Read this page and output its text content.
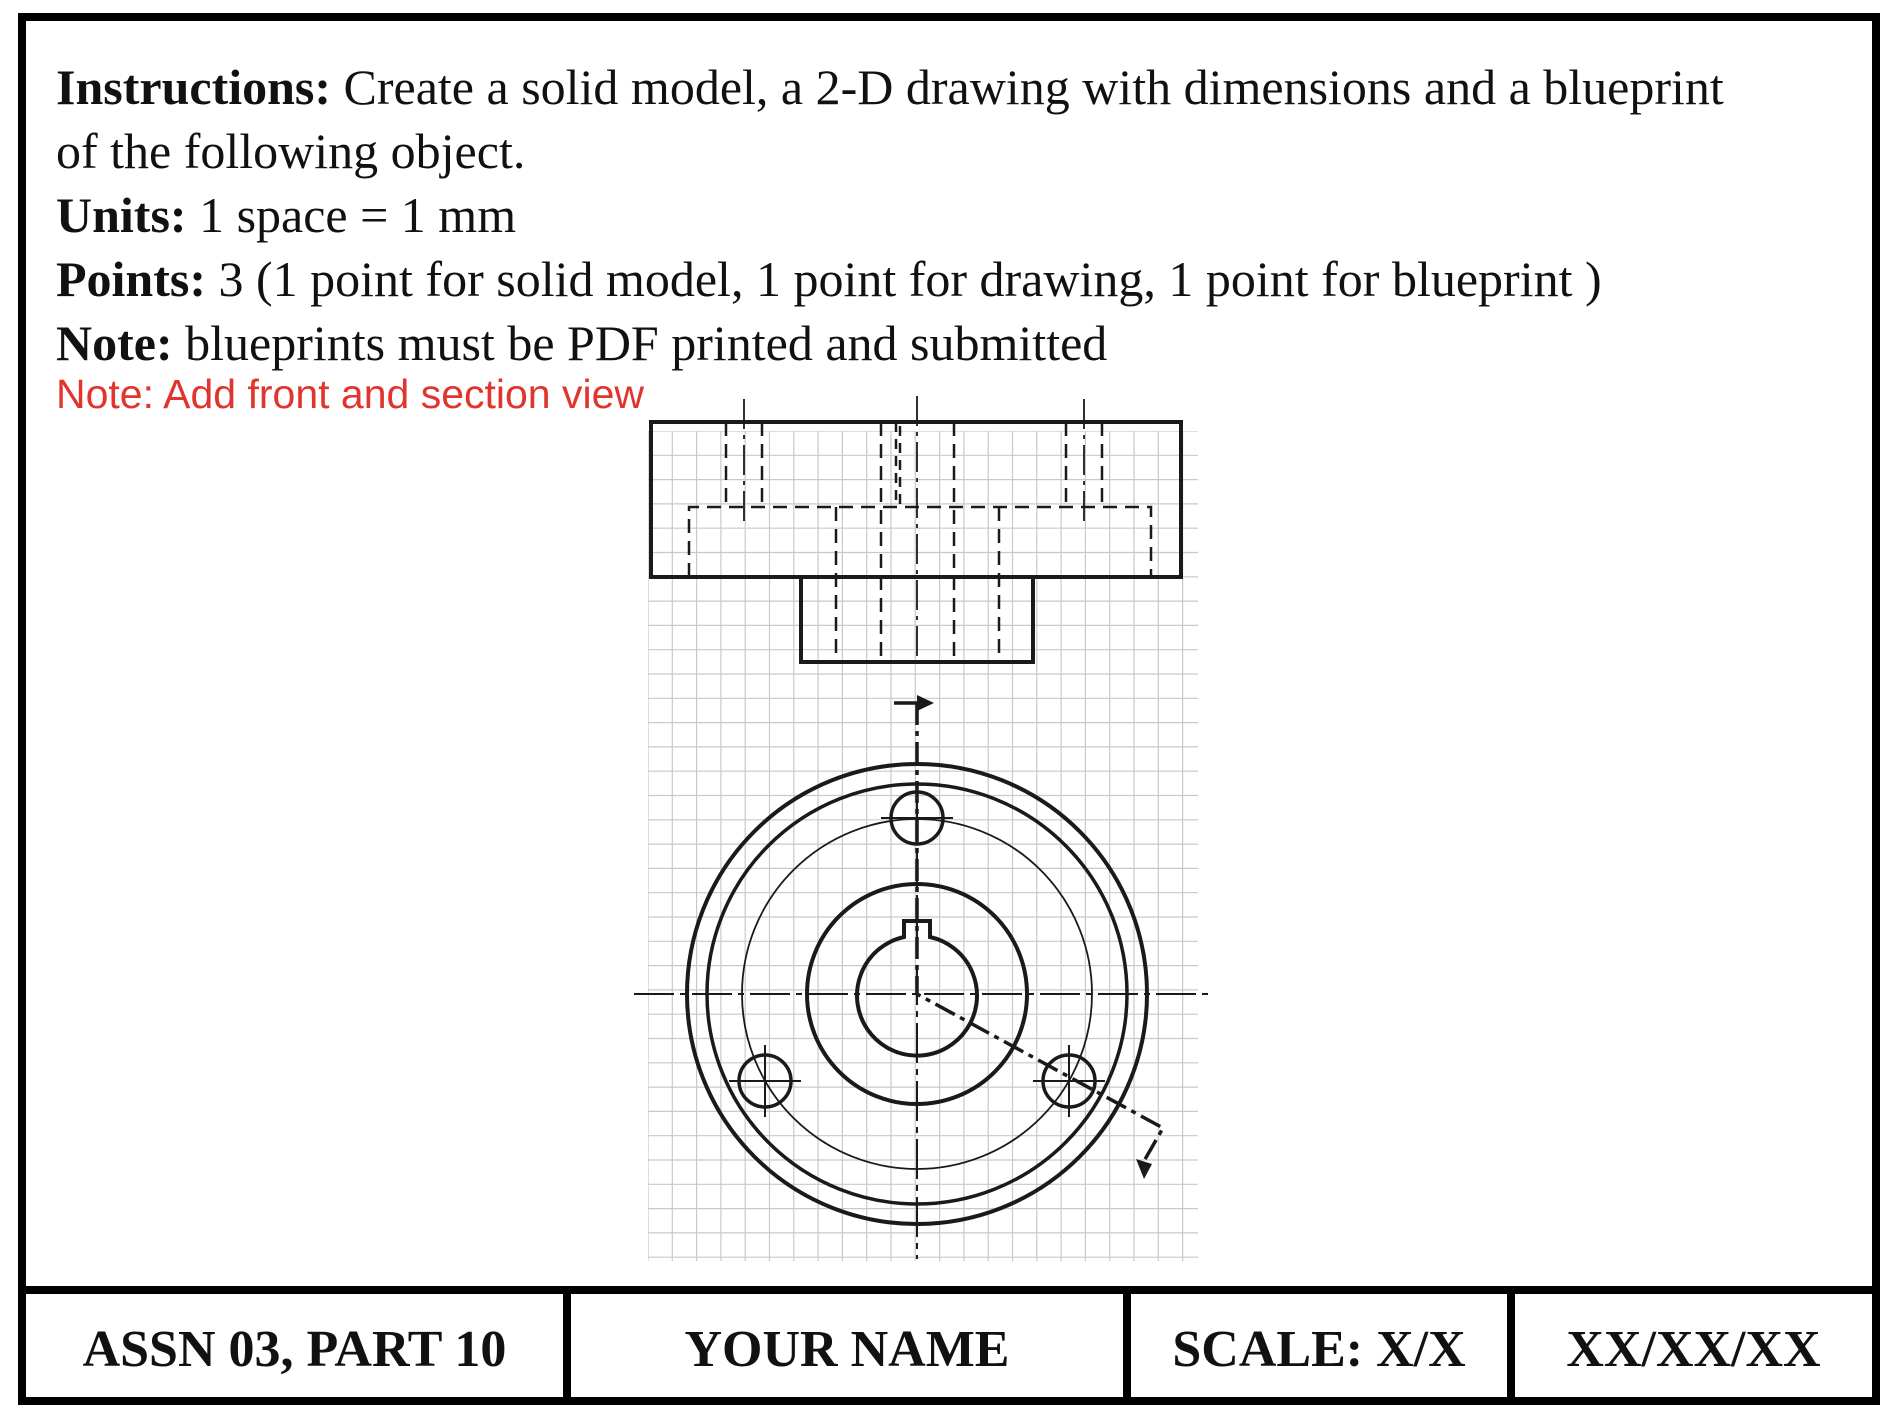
Instructions: Create a solid model, a 2-D drawing with dimensions and a blueprint
of the following object.
Units: 1 space = 1 mm
Points: 3 (1 point for solid model, 1 point for drawing, 1 point for blueprint )
Note: blueprints must be PDF printed and submitted
Note: Add front and section view
ASSN 03, PART 10	YOUR NAME	SCALE: X/X	XX/XX/XX
